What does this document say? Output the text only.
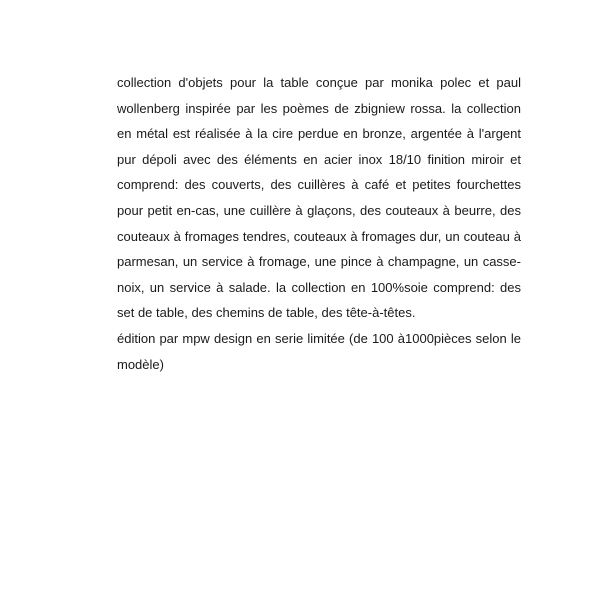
collection d'objets pour la table conçue par monika polec et paul wollenberg inspirée par les poèmes de zbigniew rossa. la collection en métal est réalisée à la cire perdue en bronze, argentée à l'argent pur dépoli avec des éléments en acier inox 18/10 finition miroir et comprend: des couverts, des cuillères à café et petites fourchettes pour petit en-cas, une cuillère à glaçons, des couteaux à beurre, des couteaux à fromages tendres, couteaux à fromages dur, un couteau à parmesan, un service à fromage, une pince à champagne, un casse-noix, un service à salade. la collection en 100%soie comprend: des set de table, des chemins de table, des tête-à-têtes.

édition par mpw design en serie limitée (de 100 à1000pièces selon le modèle)
